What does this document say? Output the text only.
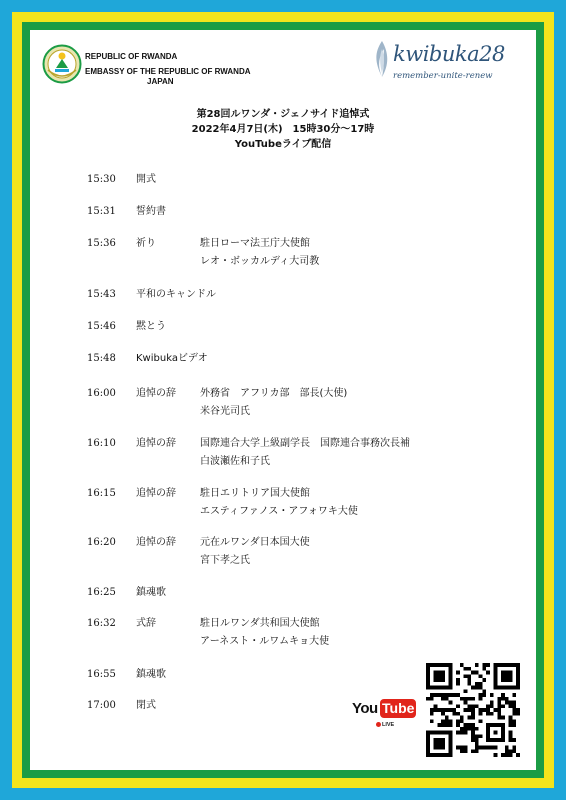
REPUBLIC OF RWANDA
EMBASSY OF THE REPUBLIC OF RWANDA
JAPAN
kwibuka28
remember-unite-renew
第28回ルワンダ・ジェノサイド追悼式
2022年4月7日(木)　15時30分～17時
YouTubeライブ配信
15:30 開式
15:31 誓約書
15:36 祈り	駐日ローマ法王庁大使館
レオ・ボッカルディ大司教
15:43 平和のキャンドル
15:46 黙とう
15:48 Kwibukaビデオ
16:00 追悼の辞 外務省　アフリカ部　部長(大使)
米谷光司氏
16:10 追悼の辞 国際連合大学上級副学長　国際連合事務次長補
白波瀬佐和子氏
16:15 追悼の辞 駐日エリトリア国大使館
エスティファノス・アフォワキ大使
16:20 追悼の辞 元在ルワンダ日本国大使
宮下孝之氏
16:25 鎮魂歌
16:32 式辞	駐日ルワンダ共和国大使館
アーネスト・ルワムキョ大使
16:55 鎮魂歌
17:00 閉式	You Tube
LIVE
